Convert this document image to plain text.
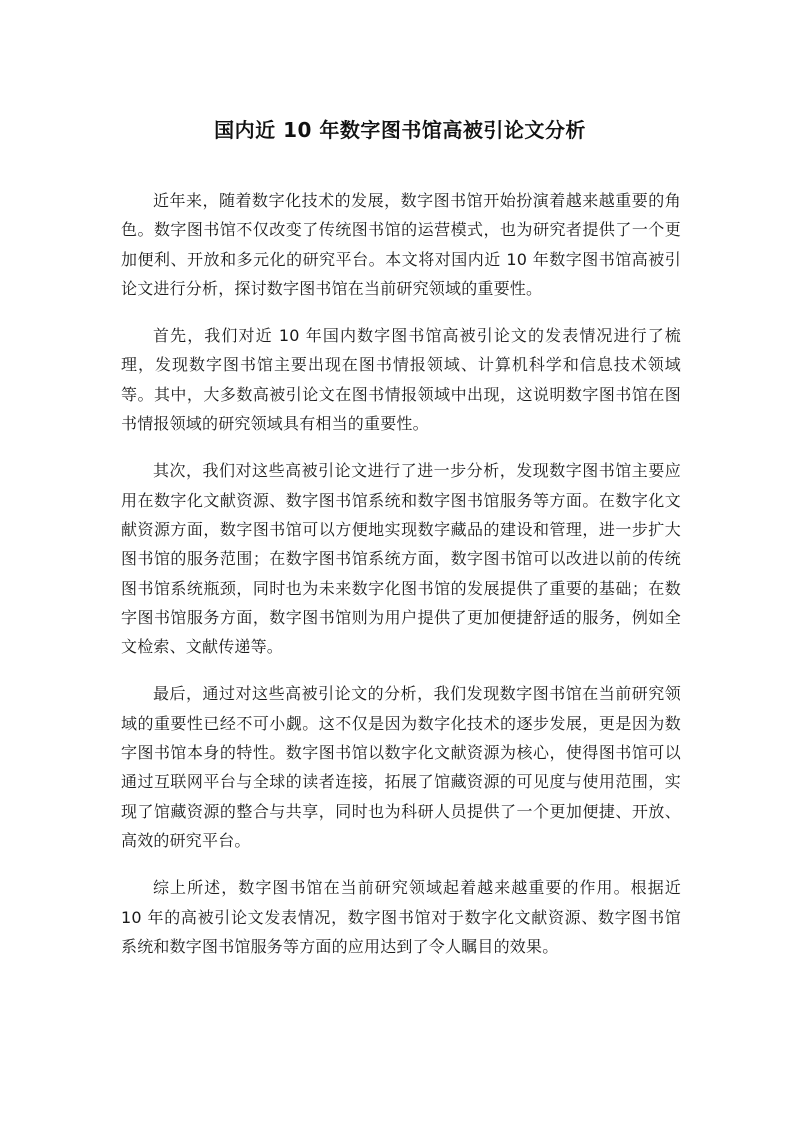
国内近 10 年数字图书馆高被引论文分析

近年来，随着数字化技术的发展，数字图书馆开始扮演着越来越重要的角色。数字图书馆不仅改变了传统图书馆的运营模式，也为研究者提供了一个更加便利、开放和多元化的研究平台。本文将对国内近 10 年数字图书馆高被引论文进行分析，探讨数字图书馆在当前研究领域的重要性。

首先，我们对近 10 年国内数字图书馆高被引论文的发表情况进行了梳理，发现数字图书馆主要出现在图书情报领域、计算机科学和信息技术领域等。其中，大多数高被引论文在图书情报领域中出现，这说明数字图书馆在图书情报领域的研究领域具有相当的重要性。

其次，我们对这些高被引论文进行了进一步分析，发现数字图书馆主要应用在数字化文献资源、数字图书馆系统和数字图书馆服务等方面。在数字化文献资源方面，数字图书馆可以方便地实现数字藏品的建设和管理，进一步扩大图书馆的服务范围；在数字图书馆系统方面，数字图书馆可以改进以前的传统图书馆系统瓶颈，同时也为未来数字化图书馆的发展提供了重要的基础；在数字图书馆服务方面，数字图书馆则为用户提供了更加便捷舒适的服务，例如全文检索、文献传递等。

最后，通过对这些高被引论文的分析，我们发现数字图书馆在当前研究领域的重要性已经不可小觑。这不仅是因为数字化技术的逐步发展，更是因为数字图书馆本身的特性。数字图书馆以数字化文献资源为核心，使得图书馆可以通过互联网平台与全球的读者连接，拓展了馆藏资源的可见度与使用范围，实现了馆藏资源的整合与共享，同时也为科研人员提供了一个更加便捷、开放、高效的研究平台。

综上所述，数字图书馆在当前研究领域起着越来越重要的作用。根据近 10 年的高被引论文发表情况，数字图书馆对于数字化文献资源、数字图书馆系统和数字图书馆服务等方面的应用达到了令人瞩目的效果。
